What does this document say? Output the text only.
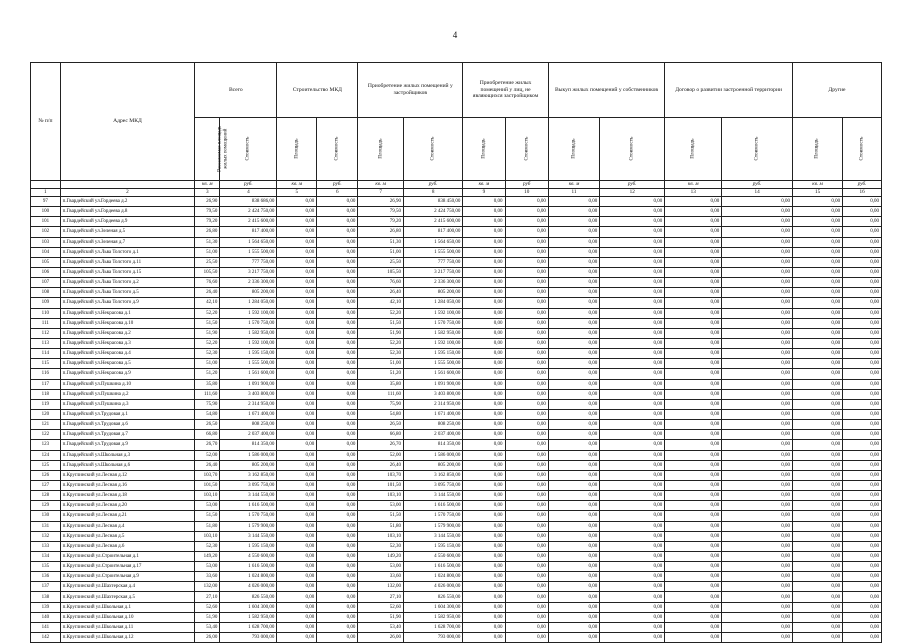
4
№ п/п	Адрес МКД	Всего		Строительство МКД		Приобретение жилых помещений у застройщиков		Приобретение жилых помещений у лиц, не являющихся застройщиком		Выкуп жилых помещений у собственников		Договор о развитии застроенной территории		Другие	
		Расселяемая площадь жилых помещений	Стоимость	Площадь	Стоимость	Площадь	Стоимость	Площадь	Стоимость	Площадь	Стоимость	Площадь	Стоимость	Площадь	Стоимость
		кв. м	руб.	кв. м	руб.	кв. м	руб.	кв. м	руб	кв. м	руб.	кв. м	руб.	кв. м	руб.
1	2	3	4	5	6	7	8	9	10	11	12	13	14	15	16
97	п.Гвардейский ул.Гордеева д.2	26,90	838 686,00	0,00	0,00	26,90	838 450,00	0,00	0,00	0,00	0,00	0,00	0,00	0,00	0,00
100	п.Гвардейский ул.Гордеева д.8	79,50	2 424 750,00	0,00	0,00	79,50	2 424 750,00	0,00	0,00	0,00	0,00	0,00	0,00	0,00	0,00
101	п.Гвардейский ул.Гордеева д.9	79,20	2 415 600,00	0,00	0,00	79,20	2 415 600,00	0,00	0,00	0,00	0,00	0,00	0,00	0,00	0,00
102	п.Гвардейский ул.Зеленая д.5	26,80	817 400,00	0,00	0,00	26,80	817 400,00	0,00	0,00	0,00	0,00	0,00	0,00	0,00	0,00
103	п.Гвардейский ул.Зеленая д.7	51,30	1 564 650,00	0,00	0,00	51,30	1 564 650,00	0,00	0,00	0,00	0,00	0,00	0,00	0,00	0,00
104	п.Гвардейский ул.Льва Толстого д.1	51,00	1 555 500,00	0,00	0,00	51,00	1 555 500,00	0,00	0,00	0,00	0,00	0,00	0,00	0,00	0,00
105	п.Гвардейский ул.Льва Толстого д.11	25,50	777 750,00	0,00	0,00	25,50	777 750,00	0,00	0,00	0,00	0,00	0,00	0,00	0,00	0,00
106	п.Гвардейский ул.Льва Толстого д.15	105,50	3 217 750,00	0,00	0,00	105,50	3 217 750,00	0,00	0,00	0,00	0,00	0,00	0,00	0,00	0,00
107	п.Гвардейский ул.Льва Толстого д.2	76,60	2 336 300,00	0,00	0,00	76,60	2 336 300,00	0,00	0,00	0,00	0,00	0,00	0,00	0,00	0,00
108	п.Гвардейский ул.Льва Толстого д.5	26,40	805 200,00	0,00	0,00	26,40	805 200,00	0,00	0,00	0,00	0,00	0,00	0,00	0,00	0,00
109	п.Гвардейский ул.Льва Толстого д.9	42,10	1 284 050,00	0,00	0,00	42,10	1 284 050,00	0,00	0,00	0,00	0,00	0,00	0,00	0,00	0,00
110	п.Гвардейский ул.Некрасова д.1	52,20	1 592 100,00	0,00	0,00	52,20	1 592 100,00	0,00	0,00	0,00	0,00	0,00	0,00	0,00	0,00
111	п.Гвардейский ул.Некрасова д.10	51,50	1 570 750,00	0,00	0,00	51,50	1 570 750,00	0,00	0,00	0,00	0,00	0,00	0,00	0,00	0,00
112	п.Гвардейский ул.Некрасова д.2	51,90	1 582 950,00	0,00	0,00	51,90	1 582 950,00	0,00	0,00	0,00	0,00	0,00	0,00	0,00	0,00
113	п.Гвардейский ул.Некрасова д.3	52,20	1 592 100,00	0,00	0,00	52,20	1 592 100,00	0,00	0,00	0,00	0,00	0,00	0,00	0,00	0,00
114	п.Гвардейский ул.Некрасова д.4	52,30	1 595 150,00	0,00	0,00	52,30	1 595 150,00	0,00	0,00	0,00	0,00	0,00	0,00	0,00	0,00
115	п.Гвардейский ул.Некрасова д.5	51,00	1 555 500,00	0,00	0,00	51,00	1 555 500,00	0,00	0,00	0,00	0,00	0,00	0,00	0,00	0,00
116	п.Гвардейский ул.Некрасова д.9	51,20	1 561 600,00	0,00	0,00	51,20	1 561 600,00	0,00	0,00	0,00	0,00	0,00	0,00	0,00	0,00
117	п.Гвардейский ул.Пушкина д.10	35,80	1 091 900,00	0,00	0,00	35,80	1 091 900,00	0,00	0,00	0,00	0,00	0,00	0,00	0,00	0,00
118	п.Гвардейский ул.Пушкина д.2	111,60	3 403 800,00	0,00	0,00	111,60	3 403 800,00	0,00	0,00	0,00	0,00	0,00	0,00	0,00	0,00
119	п.Гвардейский ул.Пушкина д.3	75,90	2 314 950,00	0,00	0,00	75,90	2 314 950,00	0,00	0,00	0,00	0,00	0,00	0,00	0,00	0,00
120	п.Гвардейский ул.Трудовая д.1	54,80	1 671 400,00	0,00	0,00	54,80	1 671 400,00	0,00	0,00	0,00	0,00	0,00	0,00	0,00	0,00
121	п.Гвардейский ул.Трудовая д.6	26,50	808 250,00	0,00	0,00	26,50	808 250,00	0,00	0,00	0,00	0,00	0,00	0,00	0,00	0,00
122	п.Гвардейский ул.Трудовая д.7	66,80	2 037 400,00	0,00	0,00	66,80	2 037 400,00	0,00	0,00	0,00	0,00	0,00	0,00	0,00	0,00
123	п.Гвардейский ул.Трудовая д.9	26,70	814 350,00	0,00	0,00	26,70	814 350,00	0,00	0,00	0,00	0,00	0,00	0,00	0,00	0,00
124	п.Гвардейский ул.Школьная д.3	52,00	1 586 000,00	0,00	0,00	52,00	1 586 000,00	0,00	0,00	0,00	0,00	0,00	0,00	0,00	0,00
125	п.Гвардейский ул.Школьная д.6	26,40	805 200,00	0,00	0,00	26,40	805 200,00	0,00	0,00	0,00	0,00	0,00	0,00	0,00	0,00
126	п.Круглинский ул.Лесная д.12	103,70	3 162 850,00	0,00	0,00	103,70	3 162 850,00	0,00	0,00	0,00	0,00	0,00	0,00	0,00	0,00
127	п.Круглинский ул.Лесная д.16	101,50	3 095 750,00	0,00	0,00	101,50	3 095 750,00	0,00	0,00	0,00	0,00	0,00	0,00	0,00	0,00
128	п.Круглинский ул.Лесная д.18	103,10	3 144 550,00	0,00	0,00	103,10	3 144 550,00	0,00	0,00	0,00	0,00	0,00	0,00	0,00	0,00
129	п.Круглинский ул.Лесная д.20	53,00	1 616 500,00	0,00	0,00	53,00	1 616 500,00	0,00	0,00	0,00	0,00	0,00	0,00	0,00	0,00
130	п.Круглинский ул.Лесная д.21	51,50	1 570 750,00	0,00	0,00	51,50	1 570 750,00	0,00	0,00	0,00	0,00	0,00	0,00	0,00	0,00
131	п.Круглинский ул.Лесная д.4	51,80	1 579 900,00	0,00	0,00	51,80	1 579 900,00	0,00	0,00	0,00	0,00	0,00	0,00	0,00	0,00
132	п.Круглинский ул.Лесная д.5	103,10	3 144 550,00	0,00	0,00	103,10	3 144 550,00	0,00	0,00	0,00	0,00	0,00	0,00	0,00	0,00
133	п.Круглинский ул.Лесная д.6	52,30	1 595 150,00	0,00	0,00	52,30	1 595 150,00	0,00	0,00	0,00	0,00	0,00	0,00	0,00	0,00
134	п.Круглинский ул.Строительная д.1	149,20	4 550 600,00	0,00	0,00	149,20	4 550 600,00	0,00	0,00	0,00	0,00	0,00	0,00	0,00	0,00
135	п.Круглинский ул.Строительная д.17	53,00	1 616 500,00	0,00	0,00	53,00	1 616 500,00	0,00	0,00	0,00	0,00	0,00	0,00	0,00	0,00
136	п.Круглинский ул.Строительная д.9	33,60	1 024 800,00	0,00	0,00	33,60	1 024 800,00	0,00	0,00	0,00	0,00	0,00	0,00	0,00	0,00
137	п.Круглинский ул.Шахтерская д.4	132,00	4 026 000,00	0,00	0,00	132,00	4 026 000,00	0,00	0,00	0,00	0,00	0,00	0,00	0,00	0,00
138	п.Круглинский ул.Шахтерская д.5	27,10	826 550,00	0,00	0,00	27,10	826 550,00	0,00	0,00	0,00	0,00	0,00	0,00	0,00	0,00
139	п.Круглинский ул.Школьная д.1	52,60	1 604 300,00	0,00	0,00	52,60	1 604 300,00	0,00	0,00	0,00	0,00	0,00	0,00	0,00	0,00
140	п.Круглинский ул.Школьная д.10	51,90	1 582 950,00	0,00	0,00	51,90	1 582 950,00	0,00	0,00	0,00	0,00	0,00	0,00	0,00	0,00
141	п.Круглинский ул.Школьная д.11	53,40	1 628 700,00	0,00	0,00	53,40	1 628 700,00	0,00	0,00	0,00	0,00	0,00	0,00	0,00	0,00
142	п.Круглинский ул.Школьная д.12	26,00	793 000,00	0,00	0,00	26,00	793 000,00	0,00	0,00	0,00	0,00	0,00	0,00	0,00	0,00
